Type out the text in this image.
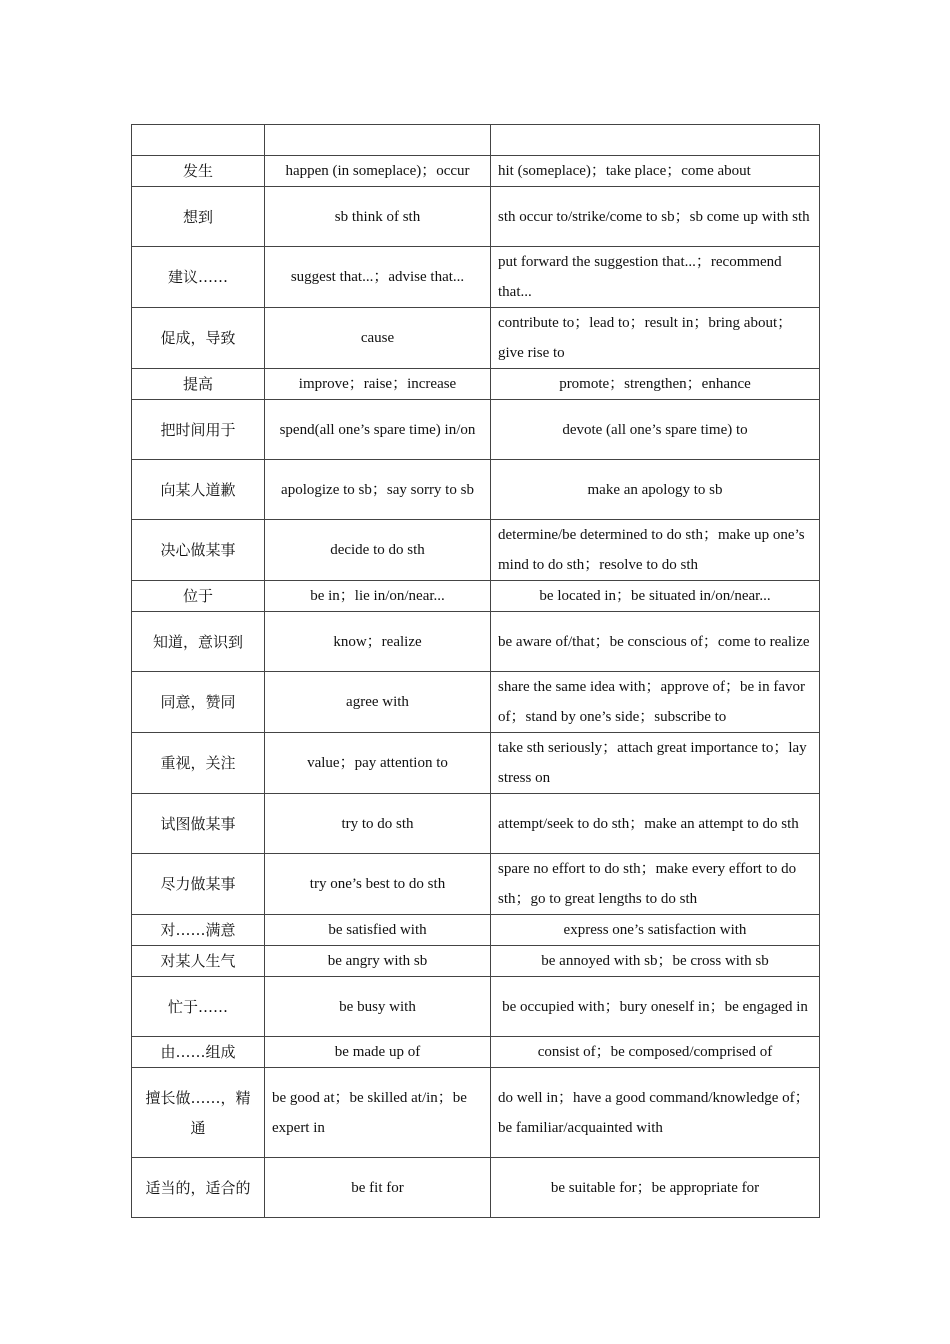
发生	happen (in someplace)；occur	hit (someplace)；take place；come about
想到	sb think of sth	sth occur to/strike/come to sb；sb come up with sth
建议……	suggest that...；advise that...	put forward the suggestion that...；recommend that...
促成，导致	cause	contribute to；lead to；result in；bring about；give rise to
提高	improve；raise；increase	promote；strengthen；enhance
把时间用于	spend(all one’s spare time) in/on	devote (all one’s spare time) to
向某人道歉	apologize to sb；say sorry to sb	make an apology to sb
决心做某事	decide to do sth	determine/be determined to do sth；make up one’s mind to do sth；resolve to do sth
位于	be in；lie in/on/near...	be located in；be situated in/on/near...
知道，意识到	know；realize	be aware of/that；be conscious of；come to realize
同意，赞同	agree with	share the same idea with；approve of；be in favor of；stand by one’s side；subscribe to
重视，关注	value；pay attention to	take sth seriously；attach great importance to；lay stress on
试图做某事	try to do sth	attempt/seek to do sth；make an attempt to do sth
尽力做某事	try one’s best to do sth	spare no effort to do sth；make every effort to do sth；go to great lengths to do sth
对……满意	be satisfied with	express one’s satisfaction with
对某人生气	be angry with sb	be annoyed with sb；be cross with sb
忙于……	be busy with	be occupied with；bury oneself in；be engaged in
由……组成	be made up of	consist of；be composed/comprised of
擅长做……，精通	be good at；be skilled at/in；be expert in	do well in；have a good command/knowledge of；be familiar/acquainted with
适当的，适合的	be fit for	be suitable for；be appropriate for
